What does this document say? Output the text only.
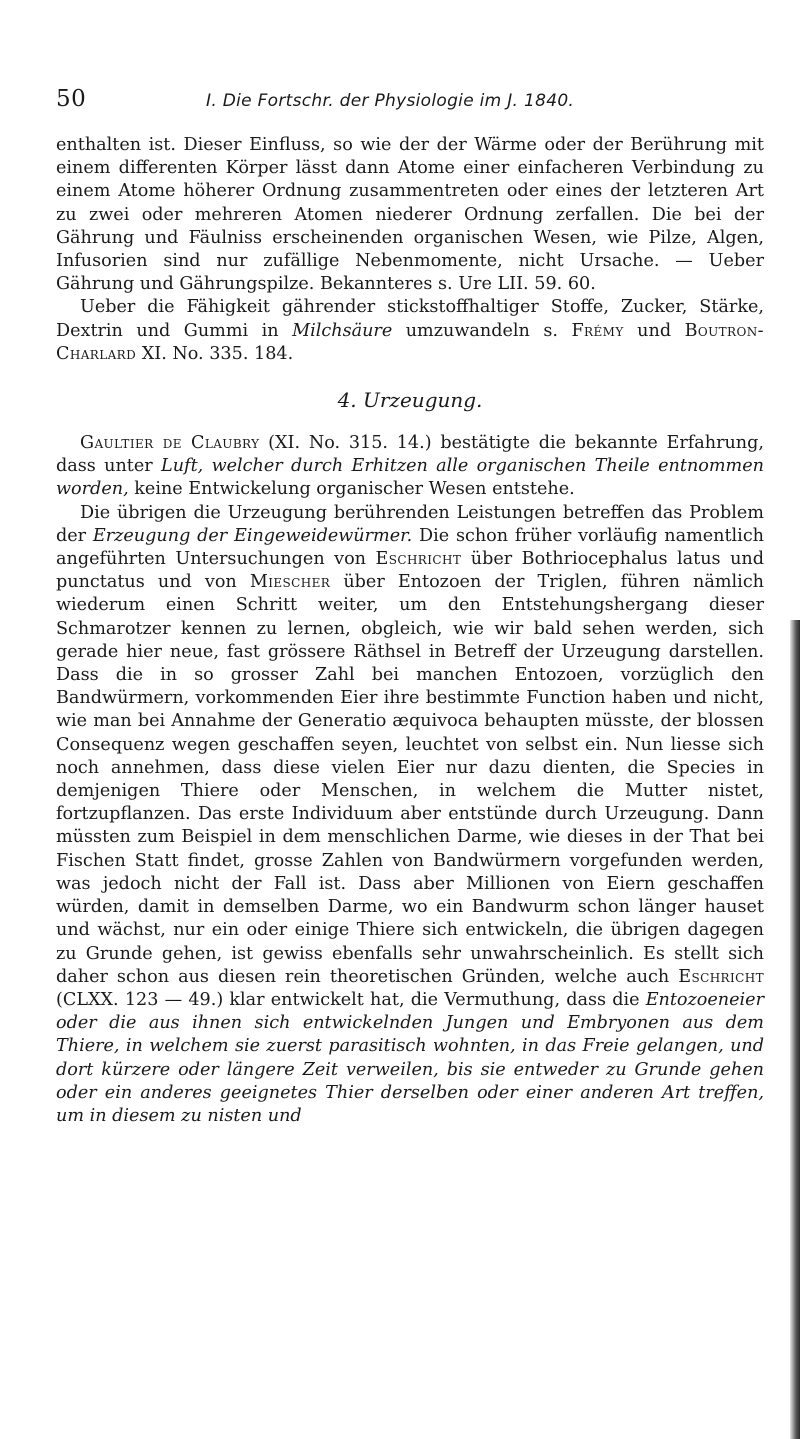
50	I. Die Fortschr. der Physiologie im J. 1840.

enthalten ist. Dieser Einfluss, so wie der der Wärme oder der Berührung mit einem differenten Körper lässt dann Atome einer einfacheren Verbindung zu einem Atome höherer Ordnung zusammentreten oder eines der letzteren Art zu zwei oder mehreren Atomen niederer Ordnung zerfallen. Die bei der Gährung und Fäulniss erscheinenden organischen Wesen, wie Pilze, Algen, Infusorien sind nur zufällige Nebenmomente, nicht Ursache. — Ueber Gährung und Gährungspilze. Bekannteres s. Ure LII. 59. 60.

Ueber die Fähigkeit gährender stickstoffhaltiger Stoffe, Zucker, Stärke, Dextrin und Gummi in Milchsäure umzuwandeln s. Frémy und Boutron-Charlard XI. No. 335. 184.

4. Urzeugung.

Gaultier de Claubry (XI. No. 315. 14.) bestätigte die bekannte Erfahrung, dass unter Luft, welcher durch Erhitzen alle organischen Theile entnommen worden, keine Entwickelung organischer Wesen entstehe.

Die übrigen die Urzeugung berührenden Leistungen betreffen das Problem der Erzeugung der Eingeweidewürmer. Die schon früher vorläufig namentlich angeführten Untersuchungen von Eschricht über Bothriocephalus latus und punctatus und von Miescher über Entozoen der Triglen, führen nämlich wiederum einen Schritt weiter, um den Entstehungshergang dieser Schmarotzer kennen zu lernen, obgleich, wie wir bald sehen werden, sich gerade hier neue, fast grössere Räthsel in Betreff der Urzeugung darstellen. Dass die in so grosser Zahl bei manchen Entozoen, vorzüglich den Bandwürmern, vorkommenden Eier ihre bestimmte Function haben und nicht, wie man bei Annahme der Generatio æquivoca behaupten müsste, der blossen Consequenz wegen geschaffen seyen, leuchtet von selbst ein. Nun liesse sich noch annehmen, dass diese vielen Eier nur dazu dienten, die Species in demjenigen Thiere oder Menschen, in welchem die Mutter nistet, fortzupflanzen. Das erste Individuum aber entstünde durch Urzeugung. Dann müssten zum Beispiel in dem menschlichen Darme, wie dieses in der That bei Fischen Statt findet, grosse Zahlen von Bandwürmern vorgefunden werden, was jedoch nicht der Fall ist. Dass aber Millionen von Eiern geschaffen würden, damit in demselben Darme, wo ein Bandwurm schon länger hauset und wächst, nur ein oder einige Thiere sich entwickeln, die übrigen dagegen zu Grunde gehen, ist gewiss ebenfalls sehr unwahrscheinlich. Es stellt sich daher schon aus diesen rein theoretischen Gründen, welche auch Eschricht (CLXX. 123 — 49.) klar entwickelt hat, die Vermuthung, dass die Entozoeneier oder die aus ihnen sich entwickelnden Jungen und Embryonen aus dem Thiere, in welchem sie zuerst parasitisch wohnten, in das Freie gelangen, und dort kürzere oder längere Zeit verweilen, bis sie entweder zu Grunde gehen oder ein anderes geeignetes Thier derselben oder einer anderen Art treffen, um in diesem zu nisten und
